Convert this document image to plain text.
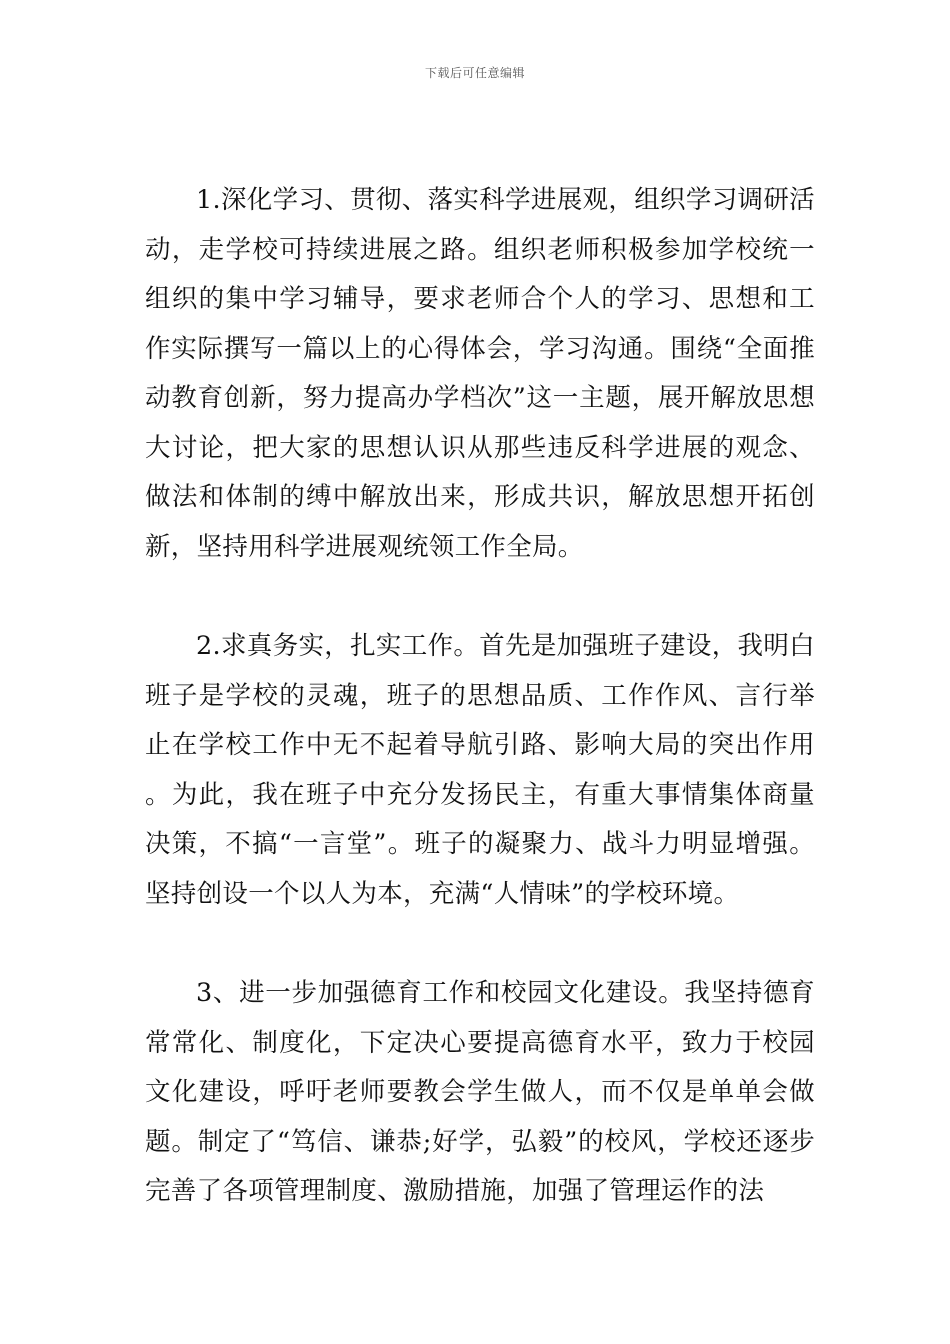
下载后可任意编辑

1.深化学习、贯彻、落实科学进展观，组织学习调研活动，走学校可持续进展之路。组织老师积极参加学校统一组织的集中学习辅导，要求老师合个人的学习、思想和工作实际撰写一篇以上的心得体会，学习沟通。围绕“全面推动教育创新，努力提高办学档次”这一主题，展开解放思想大讨论，把大家的思想认识从那些违反科学进展的观念、做法和体制的缚中解放出来，形成共识，解放思想开拓创新，坚持用科学进展观统领工作全局。

2.求真务实，扎实工作。首先是加强班子建设，我明白班子是学校的灵魂，班子的思想品质、工作作风、言行举止在学校工作中无不起着导航引路、影响大局的突出作用。为此，我在班子中充分发扬民主，有重大事情集体商量决策，不搞“一言堂”。班子的凝聚力、战斗力明显增强。坚持创设一个以人为本，充满“人情味”的学校环境。

3、进一步加强德育工作和校园文化建设。我坚持德育常常化、制度化，下定决心要提高德育水平，致力于校园文化建设，呼吁老师要教会学生做人，而不仅是单单会做题。制定了“笃信、谦恭;好学，弘毅”的校风，学校还逐步完善了各项管理制度、激励措施，加强了管理运作的法
